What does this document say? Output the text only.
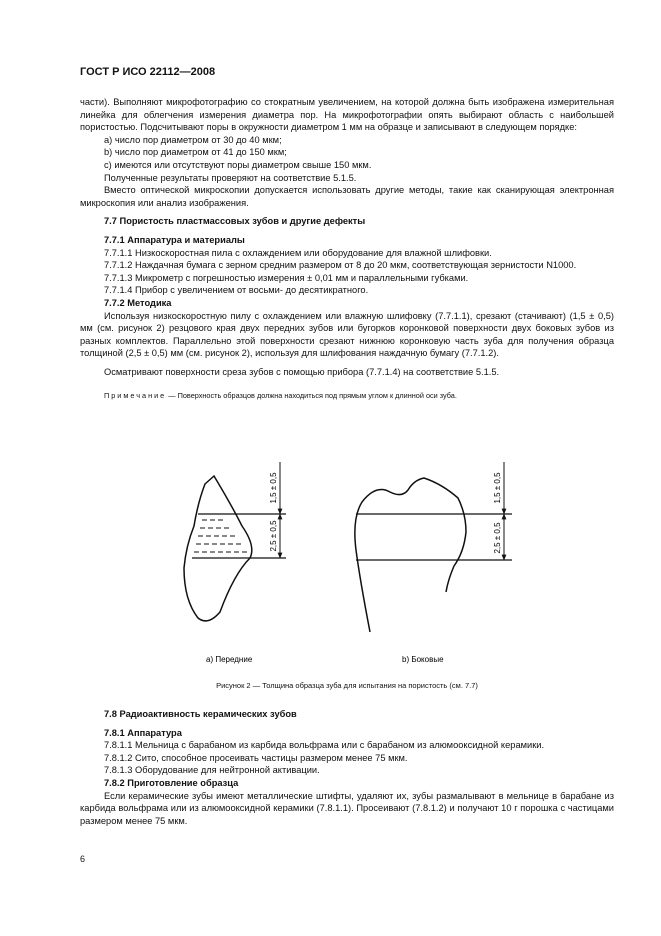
ГОСТ Р ИСО 22112—2008

части). Выполняют микрофотографию со стократным увеличением, на которой должна быть изображена измерительная линейка для облегчения измерения диаметра пор. На микрофотографии опять выбирают область с наибольшей пористостью. Подсчитывают поры в окружности диаметром 1 мм на образце и записывают в следующем порядке:

а) число пор диаметром от 30 до 40 мкм;

b) число пор диаметром от 41 до 150 мкм;

с) имеются или отсутствуют поры диаметром свыше 150 мкм.

Полученные результаты проверяют на соответствие 5.1.5.

Вместо оптической микроскопии допускается использовать другие методы, такие как сканирующая электронная микроскопия или анализ изображения.

7.7 Пористость пластмассовых зубов и другие дефекты

7.7.1 Аппаратура и материалы

7.7.1.1 Низкоскоростная пила с охлаждением или оборудование для влажной шлифовки.

7.7.1.2 Наждачная бумага с зерном средним размером от 8 до 20 мкм, соответствующая зернистости N1000.

7.7.1.3 Микрометр с погрешностью измерения ± 0,01 мм и параллельными губками.

7.7.1.4 Прибор с увеличением от восьми- до десятикратного.

7.7.2 Методика

Используя низкоскоростную пилу с охлаждением или влажную шлифовку (7.7.1.1), срезают (стачивают) (1,5 ± 0,5) мм (см. рисунок 2) резцового края двух передних зубов или бугорков коронковой поверхности двух боковых зубов из разных комплектов. Параллельно этой поверхности срезают нижнюю коронковую часть зуба для получения образца толщиной (2,5 ± 0,5) мм (см. рисунок 2), используя для шлифования наждачную бумагу (7.7.1.2).

Осматривают поверхности среза зубов с помощью прибора (7.7.1.4) на соответствие 5.1.5.

Примечание — Поверхность образцов должна находиться под прямым углом к длинной оси зуба.

1,5 ± 0,5
2,5 ± 0,5
1,5 ± 0,5
2,5 ± 0,5
а) Передние	b) Боковые
Рисунок 2 — Толщина образца зуба для испытания на пористость (см. 7.7)

7.8 Радиоактивность керамических зубов

7.8.1 Аппаратура

7.8.1.1 Мельница с барабаном из карбида вольфрама или с барабаном из алюмооксидной керамики.

7.8.1.2 Сито, способное просеивать частицы размером менее 75 мкм.

7.8.1.3 Оборудование для нейтронной активации.

7.8.2 Приготовление образца

Если керамические зубы имеют металлические штифты, удаляют их, зубы размалывают в мельнице в барабане из карбида вольфрама или из алюмооксидной керамики (7.8.1.1). Просеивают (7.8.1.2) и получают 10 г порошка с частицами размером менее 75 мкм.

6
